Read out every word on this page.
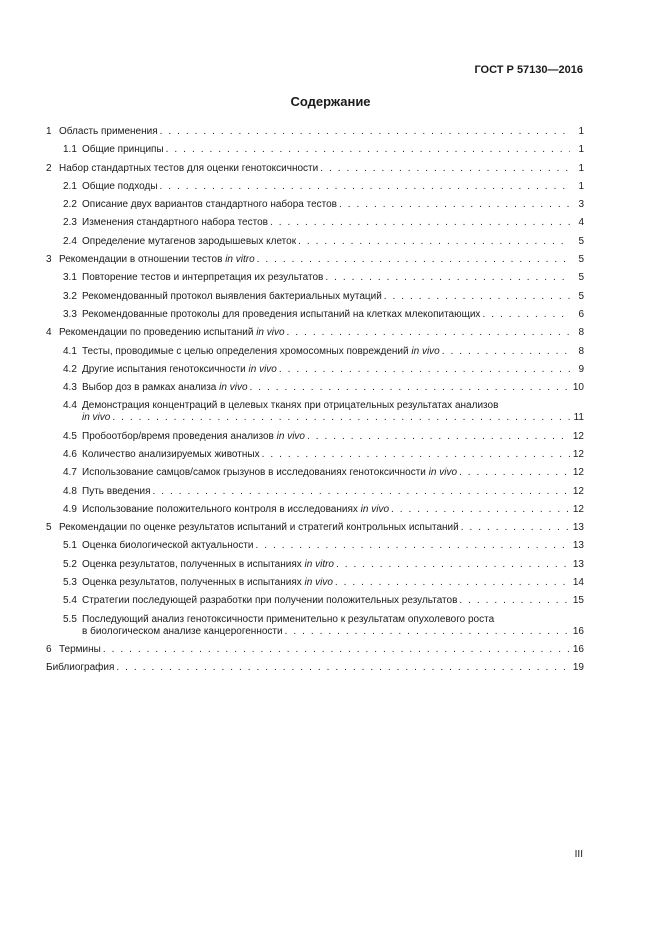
ГОСТ Р 57130—2016
Содержание
1 Область применения . . .	1
1.1 Общие принципы . . .	1
2 Набор стандартных тестов для оценки генотоксичности . . .	1
2.1 Общие подходы . . .	1
2.2 Описание двух вариантов стандартного набора тестов . . .	3
2.3 Изменения стандартного набора тестов . . .	4
2.4 Определение мутагенов зародышевых клеток . . .	5
3 Рекомендации в отношении тестов
in vitro . . .	5
3.1 Повторение тестов и интерпретация их результатов . . .	5
3.2 Рекомендованный протокол выявления бактериальных мутаций . . .	5
3.3 Рекомендованные протоколы для проведения испытаний на клетках млекопитающих . . .	6
4 Рекомендации по проведению испытаний
in vivo . . .	8
4.1 Тесты, проводимые с целью определения хромосомных повреждений
in vivo . . .	8
4.2 Другие испытания генотоксичности
in vivo . . .	9
4.3 Выбор доз в рамках анализа
in vivo . . .	10
4.4 Демонстрация концентраций в целевых тканях при отрицательных результатах анализов
in vivo . . .	11
4.5 Пробоотбор/время проведения анализов
in vivo . . .	12
4.6 Количество анализируемых животных . . .	12
4.7 Использование самцов/самок грызунов в исследованиях генотоксичности
in vivo . . .	12
4.8 Путь введения . . .	12
4.9 Использование положительного контроля в исследованиях
in vivo . . .	12
5 Рекомендации по оценке результатов испытаний и стратегий контрольных испытаний . . .	13
5.1 Оценка биологической актуальности . . .	13
5.2 Оценка результатов, полученных в испытаниях
in vitro . . .	13
5.3 Оценка результатов, полученных в испытаниях
in vivo . . .	14
5.4 Стратегии последующей разработки при получении положительных результатов . . .	15
5.5 Последующий анализ генотоксичности применительно к результатам опухолевого роста
в биологическом анализе канцерогенности . . .	16
6 Термины . . .	16
Библиография . . .	19
III
